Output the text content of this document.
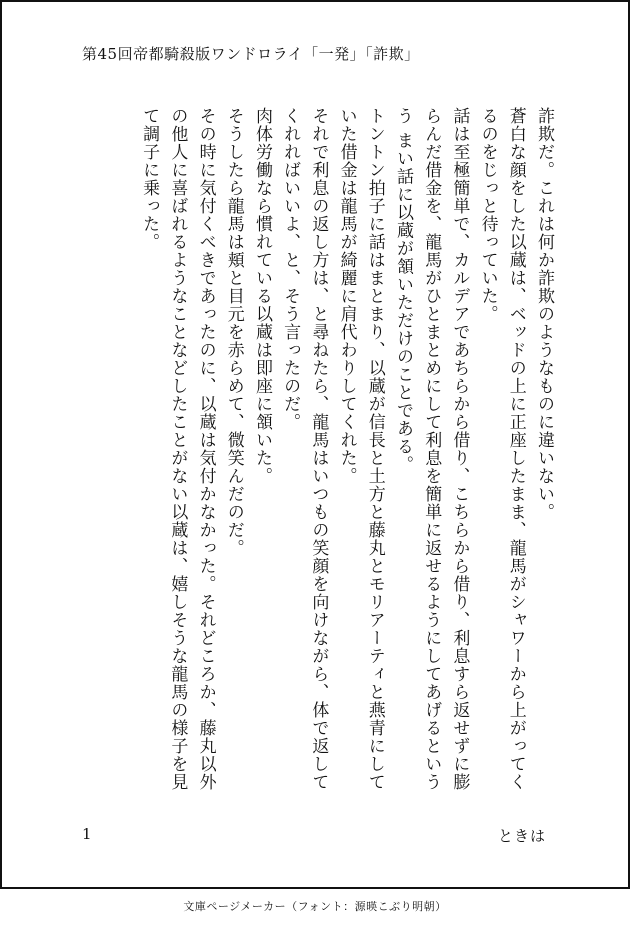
第45回帝都騎殺版ワンドロライ「一発」「詐欺」

詐欺だ。これは何か詐欺のようなものに違いない。

蒼白な顔をした以蔵は、ベッドの上に正座したまま、龍馬がシャワーから上がってくるのをじっと待っていた。

話は至極簡単で、カルデアであちらから借り、こちらから借り、利息すら返せずに膨らんだ借金を、龍馬がひとまとめにして利息を簡単に返せるようにしてあげるというう まい話に以蔵が頷いただけのことである。

トントン拍子に話はまとまり、以蔵が信長と土方と藤丸とモリアーティと燕青にしていた借金は龍馬が綺麗に肩代わりしてくれた。

それで利息の返し方は、と尋ねたら、龍馬はいつもの笑顔を向けながら、体で返してくれればいいよ、と、そう言ったのだ。

肉体労働なら慣れている以蔵は即座に頷いた。

そうしたら龍馬は頬と目元を赤らめて、微笑んだのだ。

その時に気付くべきであったのに、以蔵は気付かなかった。それどころか、藤丸以外の他人に喜ばれるようなことなどしたことがない以蔵は、嬉しそうな龍馬の様子を見て調子に乗った。

1	ときは
文庫ページメーカー（フォント：源暎こぶり明朝）
